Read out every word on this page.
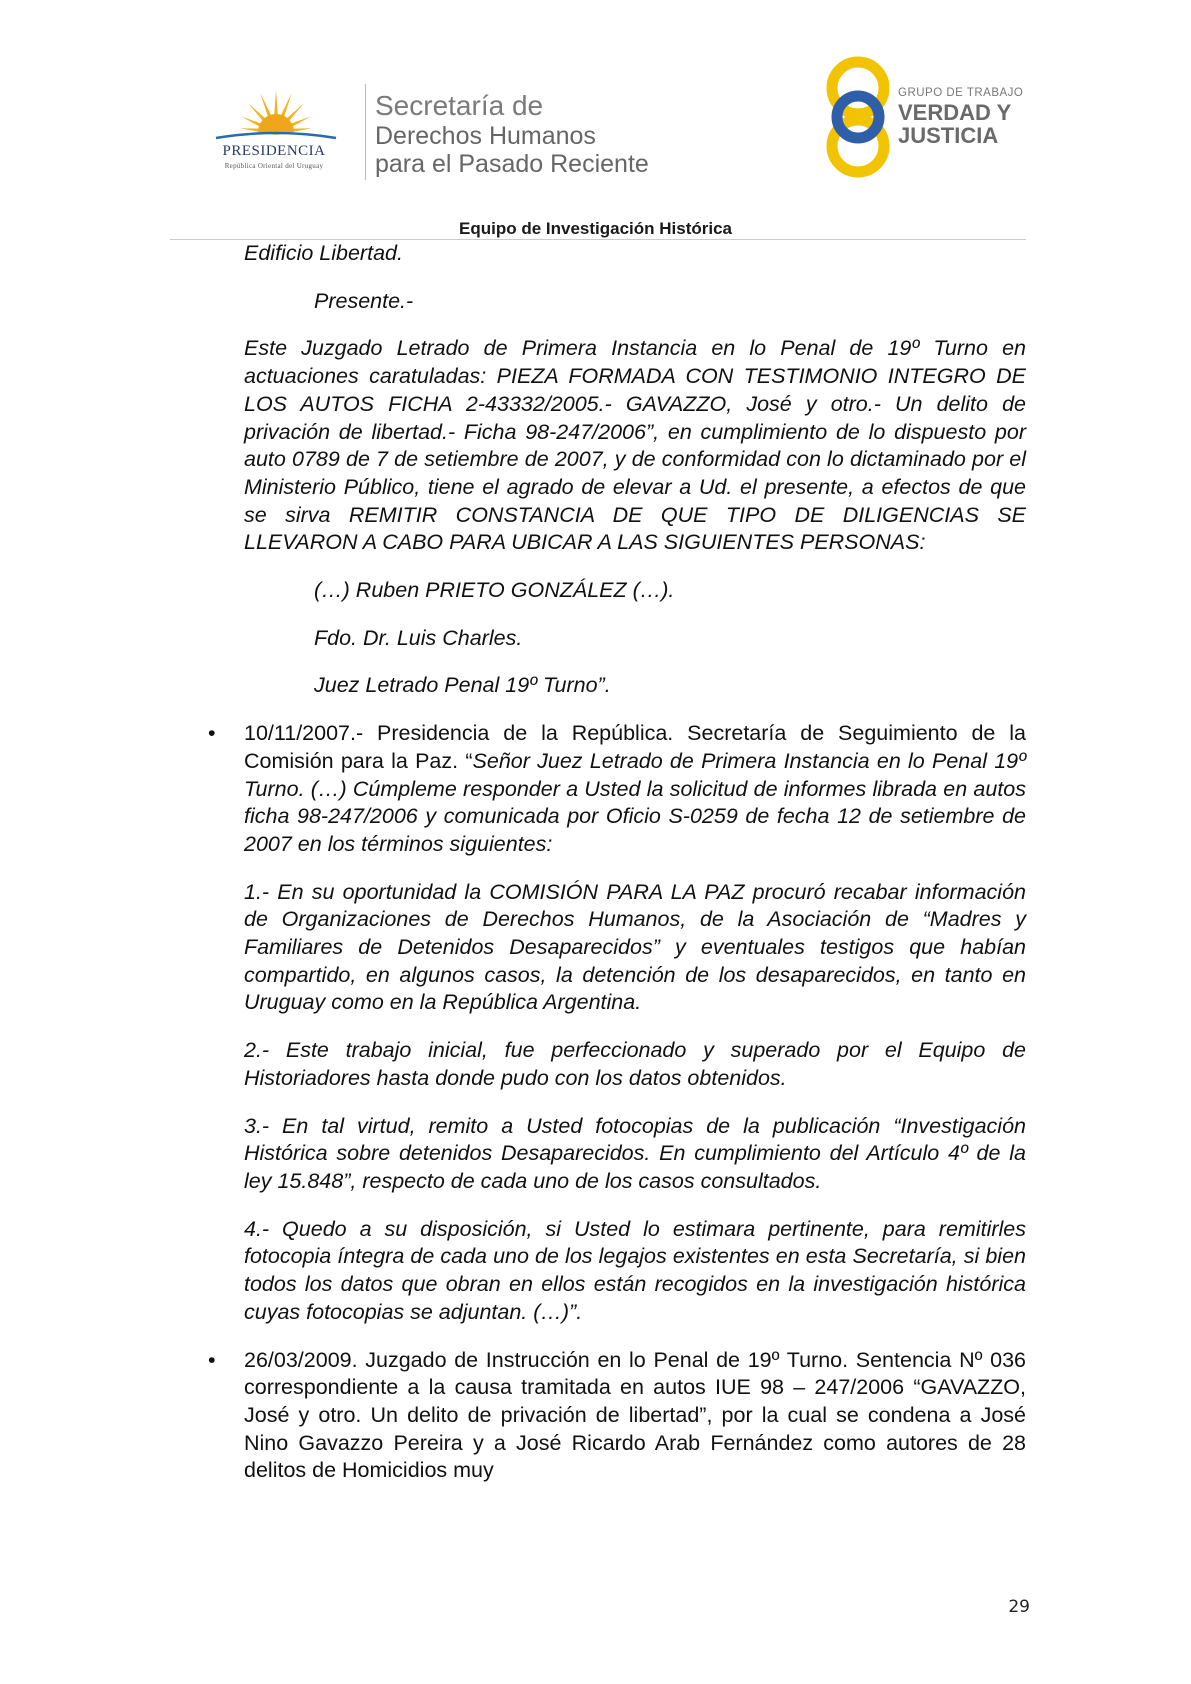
PRESIDENCIA
República Oriental del Uruguay
Secretaría de
Derechos Humanos
para el Pasado Reciente
GRUPO DE TRABAJO
VERDAD Y
JUSTICIA
Equipo de Investigación Histórica

Edificio Libertad.

Presente.-

Este Juzgado Letrado de Primera Instancia en lo Penal de 19º Turno en actuaciones caratuladas: PIEZA FORMADA CON TESTIMONIO INTEGRO DE LOS AUTOS FICHA 2-43332/2005.- GAVAZZO, José y otro.- Un delito de privación de libertad.- Ficha 98-247/2006”, en cumplimiento de lo dispuesto por auto 0789 de 7 de setiembre de 2007, y de conformidad con lo dictaminado por el Ministerio Público, tiene el agrado de elevar a Ud. el presente, a efectos de que se sirva REMITIR CONSTANCIA DE QUE TIPO DE DILIGENCIAS SE LLEVARON A CABO PARA UBICAR A LAS SIGUIENTES PERSONAS:

(…) Ruben PRIETO GONZÁLEZ (…).

Fdo. Dr. Luis Charles.

Juez Letrado Penal 19º Turno”.

• 10/11/2007.- Presidencia de la República. Secretaría de Seguimiento de la Comisión para la Paz. “Señor Juez Letrado de Primera Instancia en lo Penal 19º Turno. (…) Cúmpleme responder a Usted la solicitud de informes librada en autos ficha 98-247/2006 y comunicada por Oficio S-0259 de fecha 12 de setiembre de 2007 en los términos siguientes:

1.- En su oportunidad la COMISIÓN PARA LA PAZ procuró recabar información de Organizaciones de Derechos Humanos, de la Asociación de “Madres y Familiares de Detenidos Desaparecidos” y eventuales testigos que habían compartido, en algunos casos, la detención de los desaparecidos, en tanto en Uruguay como en la República Argentina.

2.- Este trabajo inicial, fue perfeccionado y superado por el Equipo de Historiadores hasta donde pudo con los datos obtenidos.

3.- En tal virtud, remito a Usted fotocopias de la publicación “Investigación Histórica sobre detenidos Desaparecidos. En cumplimiento del Artículo 4º de la ley 15.848”, respecto de cada uno de los casos consultados.

4.- Quedo a su disposición, si Usted lo estimara pertinente, para remitirles fotocopia íntegra de cada uno de los legajos existentes en esta Secretaría, si bien todos los datos que obran en ellos están recogidos en la investigación histórica cuyas fotocopias se adjuntan. (…)”.

• 26/03/2009. Juzgado de Instrucción en lo Penal de 19º Turno. Sentencia Nº 036 correspondiente a la causa tramitada en autos IUE 98 – 247/2006 “GAVAZZO, José y otro. Un delito de privación de libertad”, por la cual se condena a José Nino Gavazzo Pereira y a José Ricardo Arab Fernández como autores de 28 delitos de Homicidios muy

29
